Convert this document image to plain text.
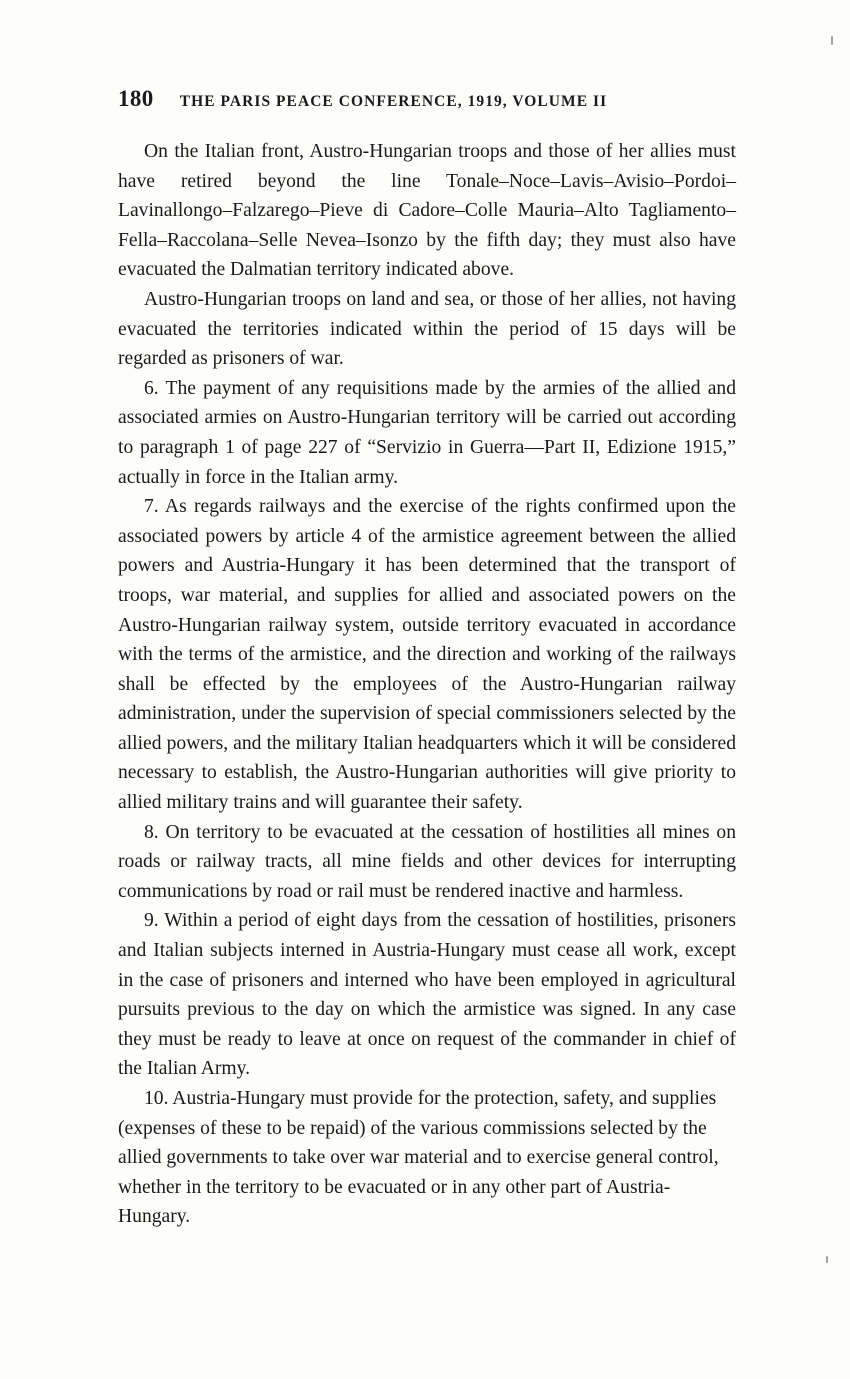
180 THE PARIS PEACE CONFERENCE, 1919, VOLUME II

On the Italian front, Austro-Hungarian troops and those of her allies must have retired beyond the line Tonale–Noce–Lavis–Avisio–Pordoi–Lavinallongo–Falzarego–Pieve di Cadore–Colle Mauria–Alto Tagliamento–Fella–Raccolana–Selle Nevea–Isonzo by the fifth day; they must also have evacuated the Dalmatian territory indicated above.

Austro-Hungarian troops on land and sea, or those of her allies, not having evacuated the territories indicated within the period of 15 days will be regarded as prisoners of war.

6. The payment of any requisitions made by the armies of the allied and associated armies on Austro-Hungarian territory will be carried out according to paragraph 1 of page 227 of “Servizio in Guerra—Part II, Edizione 1915,” actually in force in the Italian army.

7. As regards railways and the exercise of the rights confirmed upon the associated powers by article 4 of the armistice agreement between the allied powers and Austria-Hungary it has been determined that the transport of troops, war material, and supplies for allied and associated powers on the Austro-Hungarian railway system, outside territory evacuated in accordance with the terms of the armistice, and the direction and working of the railways shall be effected by the employees of the Austro-Hungarian railway administration, under the supervision of special commissioners selected by the allied powers, and the military Italian headquarters which it will be considered necessary to establish, the Austro-Hungarian authorities will give priority to allied military trains and will guarantee their safety.

8. On territory to be evacuated at the cessation of hostilities all mines on roads or railway tracts, all mine fields and other devices for interrupting communications by road or rail must be rendered inactive and harmless.

9. Within a period of eight days from the cessation of hostilities, prisoners and Italian subjects interned in Austria-Hungary must cease all work, except in the case of prisoners and interned who have been employed in agricultural pursuits previous to the day on which the armistice was signed. In any case they must be ready to leave at once on request of the commander in chief of the Italian Army.

10. Austria-Hungary must provide for the protection, safety, and supplies (expenses of these to be repaid) of the various commissions selected by the allied governments to take over war material and to exercise general control, whether in the territory to be evacuated or in any other part of Austria-Hungary.
